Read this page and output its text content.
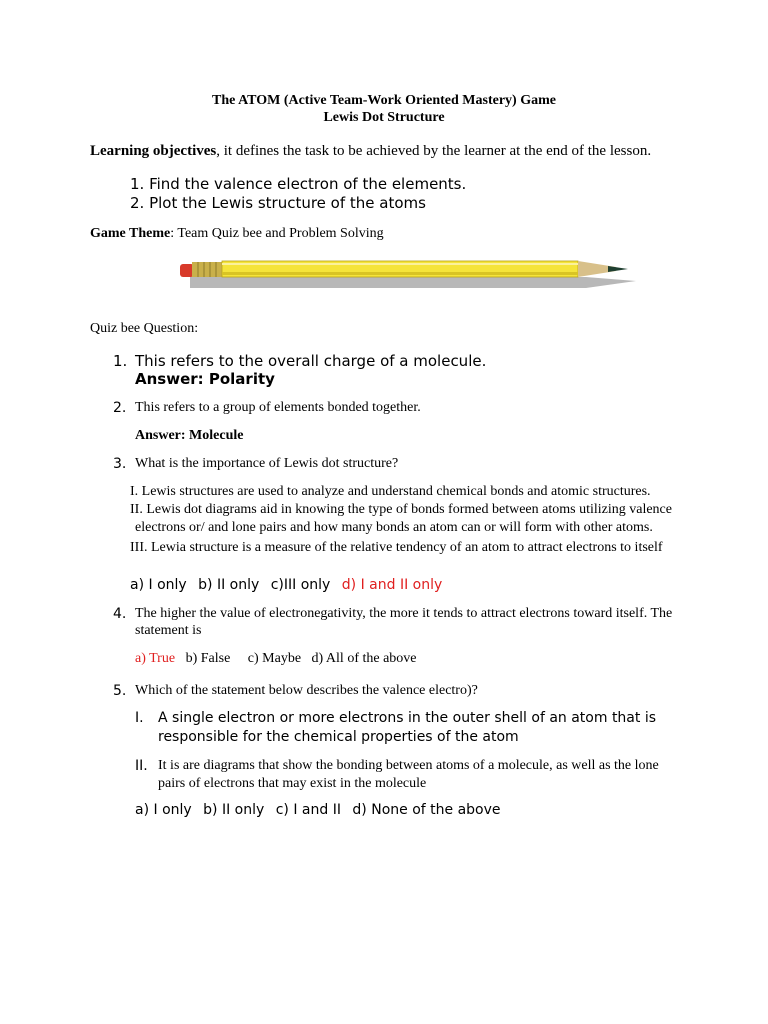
The ATOM (Active Team-Work Oriented Mastery) Game
Lewis Dot Structure
Learning objectives, it defines the task to be achieved by the learner at the end of the lesson.
1. Find the valence electron of the elements.
2. Plot the Lewis structure of the atoms
Game Theme: Team Quiz bee and Problem Solving
Quiz bee Question:
1. This refers to the overall charge of a molecule.
Answer: Polarity
2. This refers to a group of elements bonded together.
Answer: Molecule
3. What is the importance of Lewis dot structure?
I. Lewis structures are used to analyze and understand chemical bonds and atomic structures.
II. Lewis dot diagrams aid in knowing the type of bonds formed between atoms utilizing valence
electrons or/ and lone pairs and how many bonds an atom can or will form with other atoms.
III. Lewia structure is a measure of the relative tendency of an atom to attract electrons to itself
a) I only b) II only c)III only d) I and II only
4. The higher the value of electronegativity, the more it tends to attract electrons toward itself. The
statement is
a) True b) False c) Maybe d) All of the above
5. Which of the statement below describes the valence electro)?
I. A single electron or more electrons in the outer shell of an atom that is
responsible for the chemical properties of the atom
II. It is are diagrams that show the bonding between atoms of a molecule, as well as the lone
pairs of electrons that may exist in the molecule
a) I only b) II only c) I and II d) None of the above
